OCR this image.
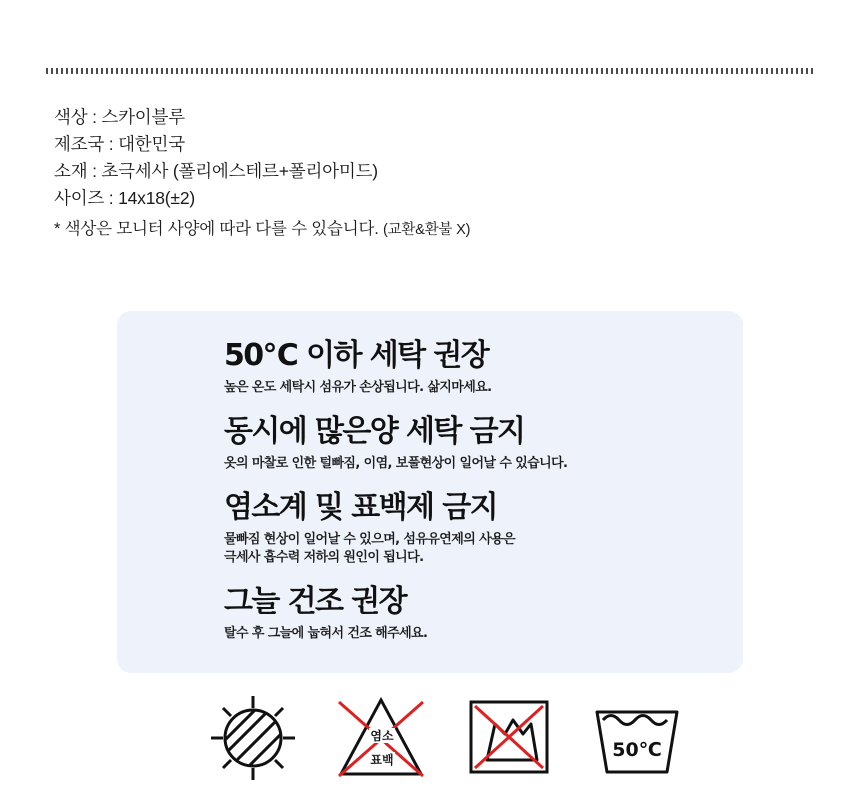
색상 : 스카이블루
제조국 : 대한민국
소재 : 초극세사 (폴리에스테르+폴리아미드)
사이즈 : 14x18(±2)
* 색상은 모니터 사양에 따라 다를 수 있습니다. (교환&환불 X)
50℃ 이하 세탁 권장
높은 온도 세탁시 섬유가 손상됩니다. 삶지마세요.
동시에 많은양 세탁 금지
옷의 마찰로 인한 털빠짐, 이염, 보풀현상이 일어날 수 있습니다.
염소계 및 표백제 금지
물빠짐 현상이 일어날 수 있으며, 섬유유연제의 사용은
극세사 흡수력 저하의 원인이 됩니다.
그늘 건조 권장
탈수 후 그늘에 눕혀서 건조 해주세요.
염소
표백	50℃
